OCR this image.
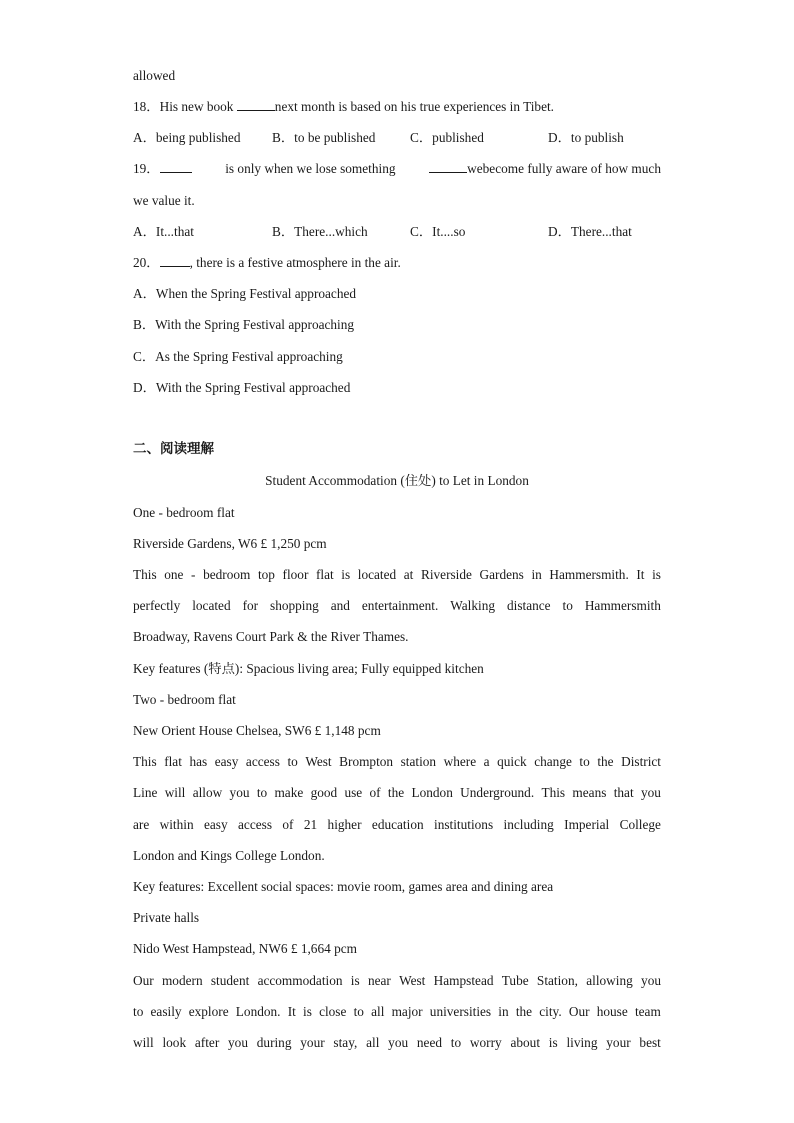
allowed
18．His new book	next month is based on his true experiences in Tibet.
A．being published B．to be published	C．published	D．to publish
19．	is only when we lose something	webecome fully aware of how much
we value it.
A．It...that	B．There...which	C．It....so	D．There...that
20． , there is a festive atmosphere in the air.
A．When the Spring Festival approached
B．With the Spring Festival approaching
C．As the Spring Festival approaching
D．With the Spring Festival approached
二、阅读理解
Student Accommodation (住处) to Let in London
One - bedroom flat
Riverside Gardens, W6 £ 1,250 pcm
This one - bedroom top floor flat is located at Riverside Gardens in Hammersmith. It is
perfectly located for shopping and entertainment. Walking distance to Hammersmith
Broadway, Ravens Court Park & the River Thames.
Key features (特点): Spacious living area; Fully equipped kitchen
Two - bedroom flat
New Orient House Chelsea, SW6 £ 1,148 pcm
This flat has easy access to West Brompton station where a quick change to the District
Line will allow you to make good use of the London Underground. This means that you
are within easy access of 21 higher education institutions including Imperial College
London and Kings College London.
Key features: Excellent social spaces: movie room, games area and dining area
Private halls
Nido West Hampstead, NW6 £ 1,664 pcm
Our modern student accommodation is near West Hampstead Tube Station, allowing you
to easily explore London. It is close to all major universities in the city. Our house team
will look after you during your stay, all you need to worry about is living your best
